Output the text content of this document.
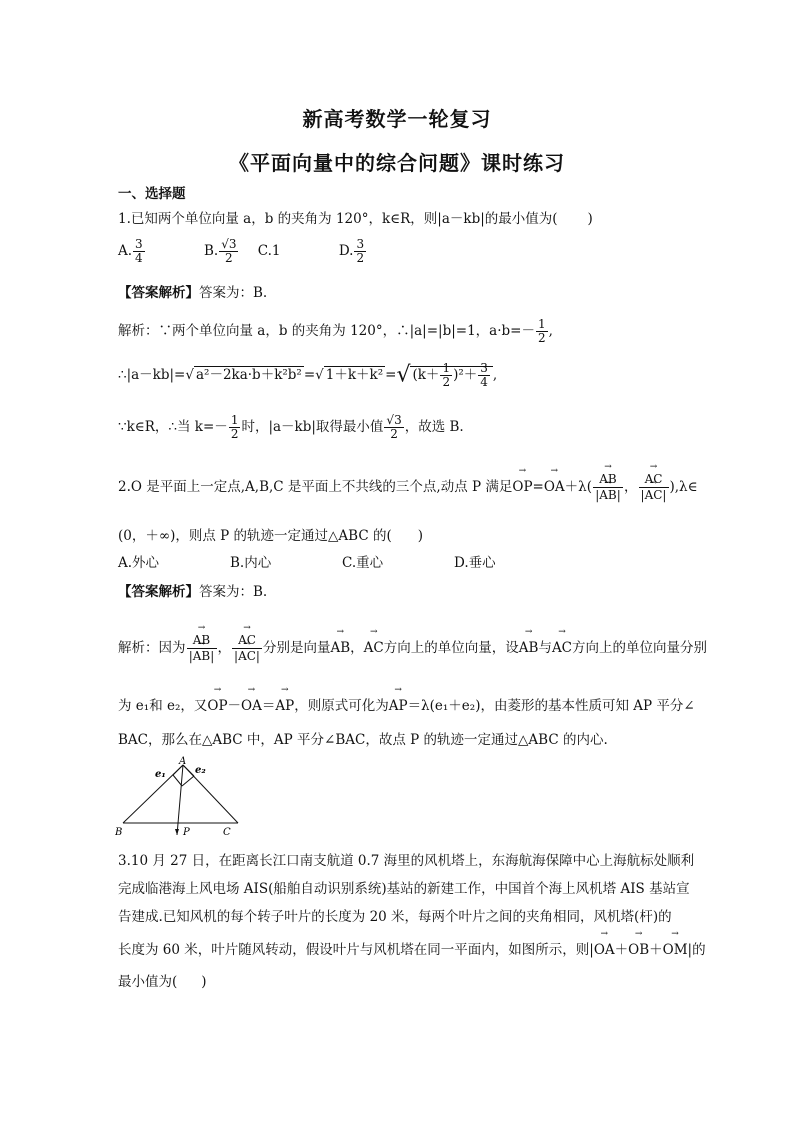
新高考数学一轮复习
《平面向量中的综合问题》课时练习
一、选择题
1.已知两个单位向量 a，b 的夹角为 120°，k∈R，则|a－kb|的最小值为( )
A. $\frac{3}{4}$	B. $\frac{√3}{2} C.1$	D. $\frac{3}{2}$
【答案解析】答案为：B.
解析：∵两个单位向量 a，b 的夹角为 120°，∴|a|=|b|=1，$a\cdot b=- \frac{1}{2}$ ,
∴|a－kb|=√ a²－2ka·b＋k²b² =√ 1＋k＋k² =√ $(k+ \frac{1}{2} )^2+ \frac{3}{4}$ ,
∵k∈R，∴当 $k=- \frac{1}{2}$ 时，|a－kb|取得最小值 $\frac{√3}{2}$ ，故选 B.
2.O 是平面上一定点,A,B,C 是平面上不共线的三个点,动点 P 满足→ OP=→ OA＋λ( → AB
→ |AB| ， → AC
→ |AC| ),λ∈
(0，＋∞)，则点 P 的轨迹一定通过△ABC 的( )
A.外心	B.内心	C.重心	D.垂心
【答案解析】答案为：B.
解析：因为 → AB
→ |AB| ， → AC
→ |AC| 分别是向量→ AB，→ AC方向上的单位向量，设→ AB与→ AC方向上的单位向量分别
为 e₁和 e₂，又→ OP－→ OA＝→ AP，则原式可化为→ AP＝λ(e₁＋e₂)，由菱形的基本性质可知 AP 平分∠
BAC，那么在△ABC 中，AP 平分∠BAC，故点 P 的轨迹一定通过△ABC 的内心.
A
B	C
P
e₁	e₂
3.10 月 27 日，在距离长江口南支航道 0.7 海里的风机塔上，东海航海保障中心上海航标处顺利
完成临港海上风电场 AIS(船舶自动识别系统)基站的新建工作，中国首个海上风机塔 AIS 基站宣
告建成.已知风机的每个转子叶片的长度为 20 米，每两个叶片之间的夹角相同，风机塔(杆)的
长度为 60 米，叶片随风转动，假设叶片与风机塔在同一平面内，如图所示，则|→ OA＋→ OB＋→ OM|的
最小值为( )
